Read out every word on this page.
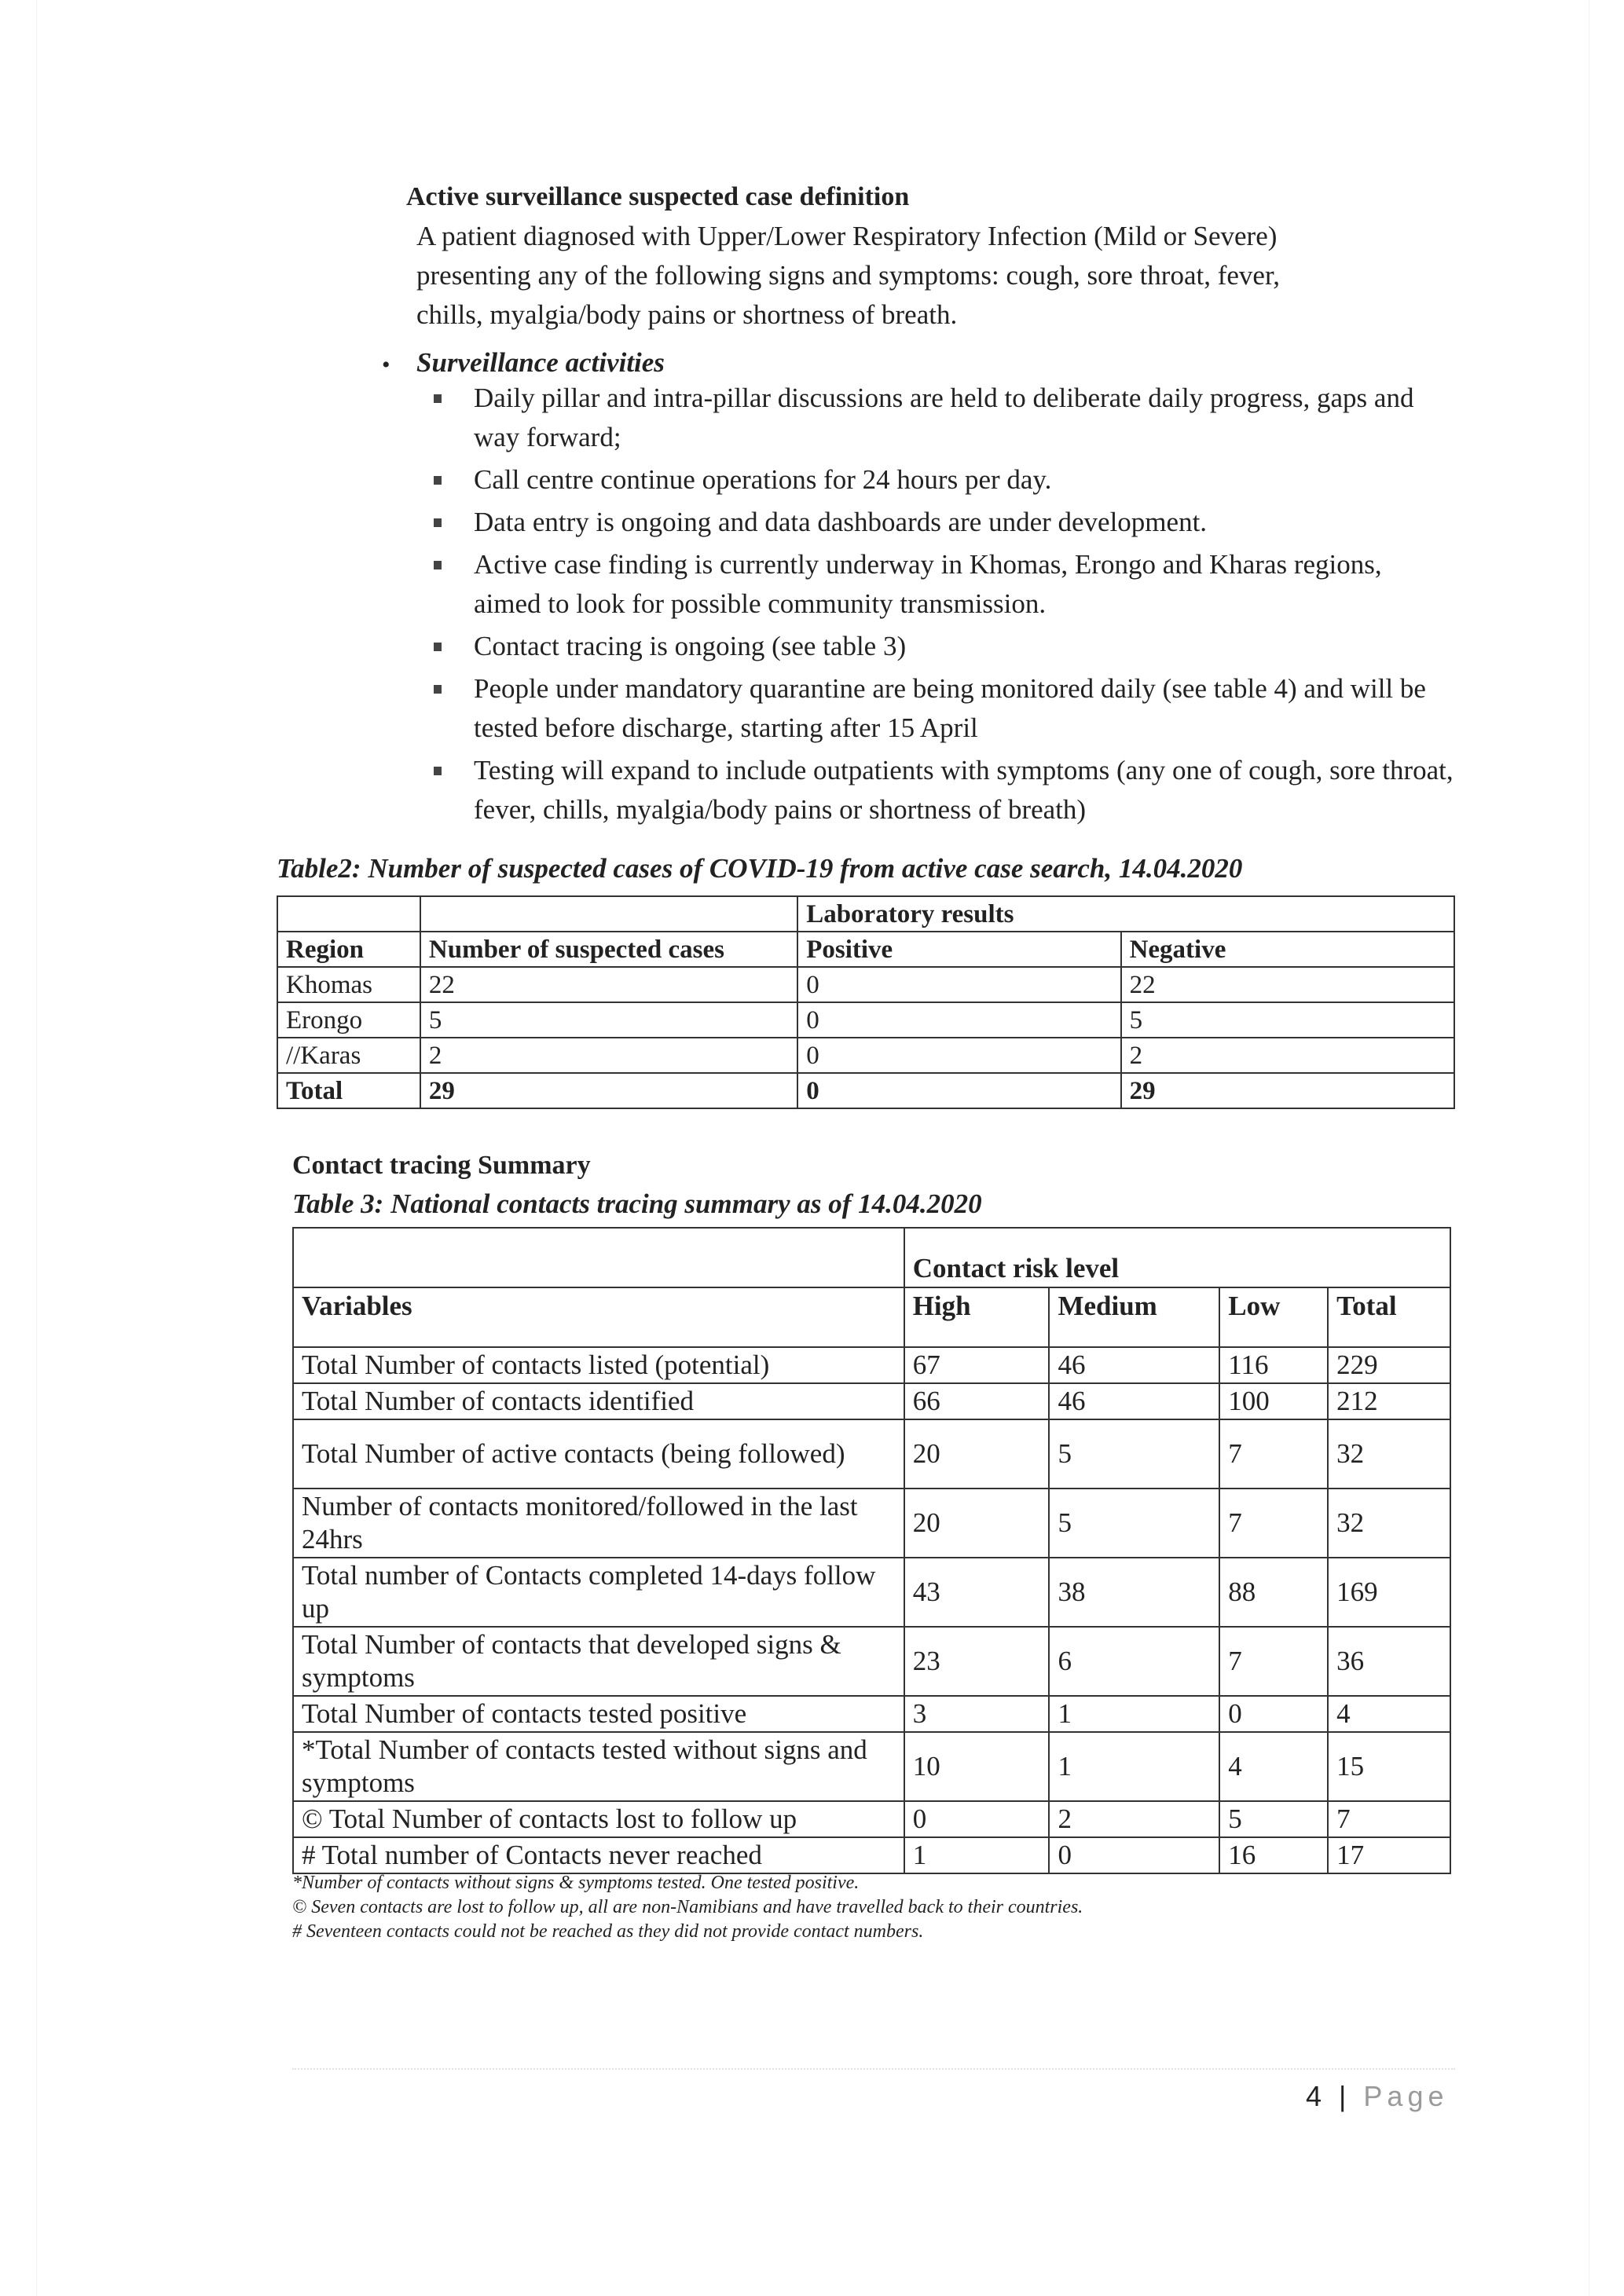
Active surveillance suspected case definition
A patient diagnosed with Upper/Lower Respiratory Infection (Mild or Severe)
presenting any of the following signs and symptoms: cough, sore throat, fever,
chills, myalgia/body pains or shortness of breath.
• Surveillance activities
Daily pillar and intra-pillar discussions are held to deliberate daily progress, gaps and way forward;
Call centre continue operations for 24 hours per day.
Data entry is ongoing and data dashboards are under development.
Active case finding is currently underway in Khomas, Erongo and Kharas regions, aimed to look for possible community transmission.
Contact tracing is ongoing (see table 3)
People under mandatory quarantine are being monitored daily (see table 4) and will be tested before discharge, starting after 15 April
Testing will expand to include outpatients with symptoms (any one of cough, sore throat, fever, chills, myalgia/body pains or shortness of breath)
Table2: Number of suspected cases of COVID-19 from active case search, 14.04.2020
		Laboratory results	
Region	Number of suspected cases	Positive	Negative
Khomas	22	0	22
Erongo	5	0	5
//Karas	2	0	2
Total	29	0	29
Contact tracing Summary
Table 3: National contacts tracing summary as of 14.04.2020
	Contact risk level			
Variables	High	Medium	Low	Total
Total Number of contacts listed (potential)	67	46	116	229
Total Number of contacts identified	66	46	100	212
Total Number of active contacts (being followed)	20	5	7	32
Number of contacts monitored/followed in the last 24hrs	20	5	7	32
Total number of Contacts completed 14-days follow up	43	38	88	169
Total Number of contacts that developed signs & symptoms	23	6	7	36
Total Number of contacts tested positive	3	1	0	4
*Total Number of contacts tested without signs and symptoms	10	1	4	15
© Total Number of contacts lost to follow up	0	2	5	7
# Total number of Contacts never reached	1	0	16	17
*Number of contacts without signs & symptoms tested. One tested positive.
© Seven contacts are lost to follow up, all are non-Namibians and have travelled back to their countries.
# Seventeen contacts could not be reached as they did not provide contact numbers.
4 | Page
